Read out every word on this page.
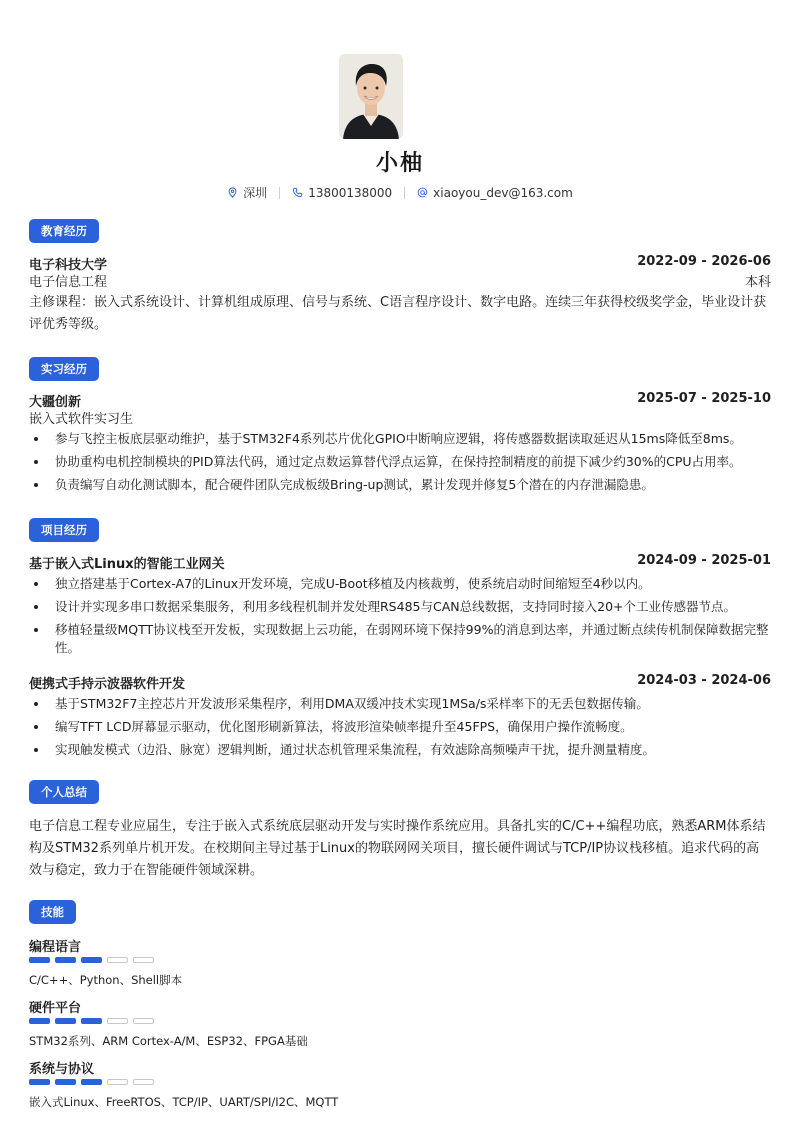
小柚
深圳	13800138000	xiaoyou_dev@163.com
教育经历
电子科技大学	2022-09 - 2026-06
电子信息工程	本科
主修课程：嵌入式系统设计、计算机组成原理、信号与系统、C语言程序设计、数字电路。连续三年获得校级奖学金，毕业设计获评优秀等级。
实习经历
大疆创新	2025-07 - 2025-10
嵌入式软件实习生
参与飞控主板底层驱动维护，基于STM32F4系列芯片优化GPIO中断响应逻辑，将传感器数据读取延迟从15ms降低至8ms。
协助重构电机控制模块的PID算法代码，通过定点数运算替代浮点运算，在保持控制精度的前提下减少约30%的CPU占用率。
负责编写自动化测试脚本，配合硬件团队完成板级Bring-up测试，累计发现并修复5个潜在的内存泄漏隐患。
项目经历
基于嵌入式Linux的智能工业网关	2024-09 - 2025-01
独立搭建基于Cortex-A7的Linux开发环境，完成U-Boot移植及内核裁剪，使系统启动时间缩短至4秒以内。
设计并实现多串口数据采集服务，利用多线程机制并发处理RS485与CAN总线数据，支持同时接入20+个工业传感器节点。
移植轻量级MQTT协议栈至开发板，实现数据上云功能，在弱网环境下保持99%的消息到达率，并通过断点续传机制保障数据完整性。
便携式手持示波器软件开发	2024-03 - 2024-06
基于STM32F7主控芯片开发波形采集程序，利用DMA双缓冲技术实现1MSa/s采样率下的无丢包数据传输。
编写TFT LCD屏幕显示驱动，优化图形刷新算法，将波形渲染帧率提升至45FPS，确保用户操作流畅度。
实现触发模式（边沿、脉宽）逻辑判断，通过状态机管理采集流程，有效滤除高频噪声干扰，提升测量精度。
个人总结
电子信息工程专业应届生，专注于嵌入式系统底层驱动开发与实时操作系统应用。具备扎实的C/C++编程功底，熟悉ARM体系结构及STM32系列单片机开发。在校期间主导过基于Linux的物联网网关项目，擅长硬件调试与TCP/IP协议栈移植。追求代码的高效与稳定，致力于在智能硬件领域深耕。
技能
编程语言
C/C++、Python、Shell脚本
硬件平台
STM32系列、ARM Cortex-A/M、ESP32、FPGA基础
系统与协议
嵌入式Linux、FreeRTOS、TCP/IP、UART/SPI/I2C、MQTT
